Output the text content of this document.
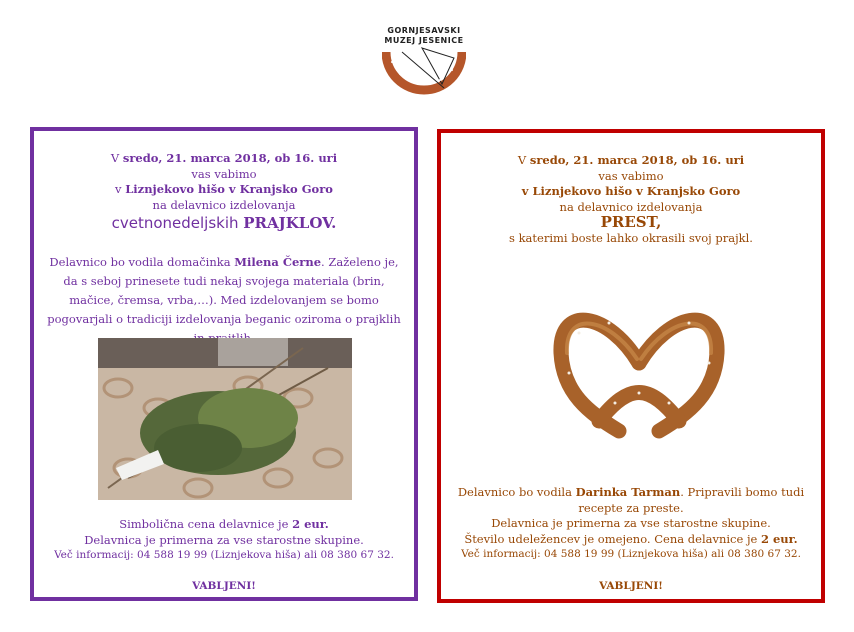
GORNJESAVSKI
MUZEJ JESENICE

V sredo, 21. marca 2018, ob 16. uri

vas vabimo

v Liznjekovo hišo v Kranjsko Goro

na delavnico izdelovanja

cvetnonedeljskih PRAJKLOV.

Delavnico bo vodila domačinka Milena Černe. Zaželeno je, da s seboj prinesete tudi nekaj svojega materiala (brin, mačice, čremsa, vrba,…). Med izdelovanjem se bomo pogovarjali o tradiciji izdelovanja beganic oziroma o prajklih

Simbolična cena delavnice je 2 eur.

Delavnica je primerna za vse starostne skupine.

Več informacij: 04 588 19 99 (Liznjekova hiša) ali 08 380 67 32.

VABLJENI!

V sredo, 21. marca 2018, ob 16. uri

vas vabimo

v Liznjekovo hišo v Kranjsko Goro

na delavnico izdelovanja

PREST,

s katerimi boste lahko okrasili svoj prajkl.

Delavnico bo vodila Darinka Tarman. Pripravili bomo tudi recepte za preste.

Delavnica je primerna za vse starostne skupine.

Število udeležencev je omejeno. Cena delavnice je 2 eur.

Več informacij: 04 588 19 99 (Liznjekova hiša) ali 08 380 67 32.

VABLJENI!
